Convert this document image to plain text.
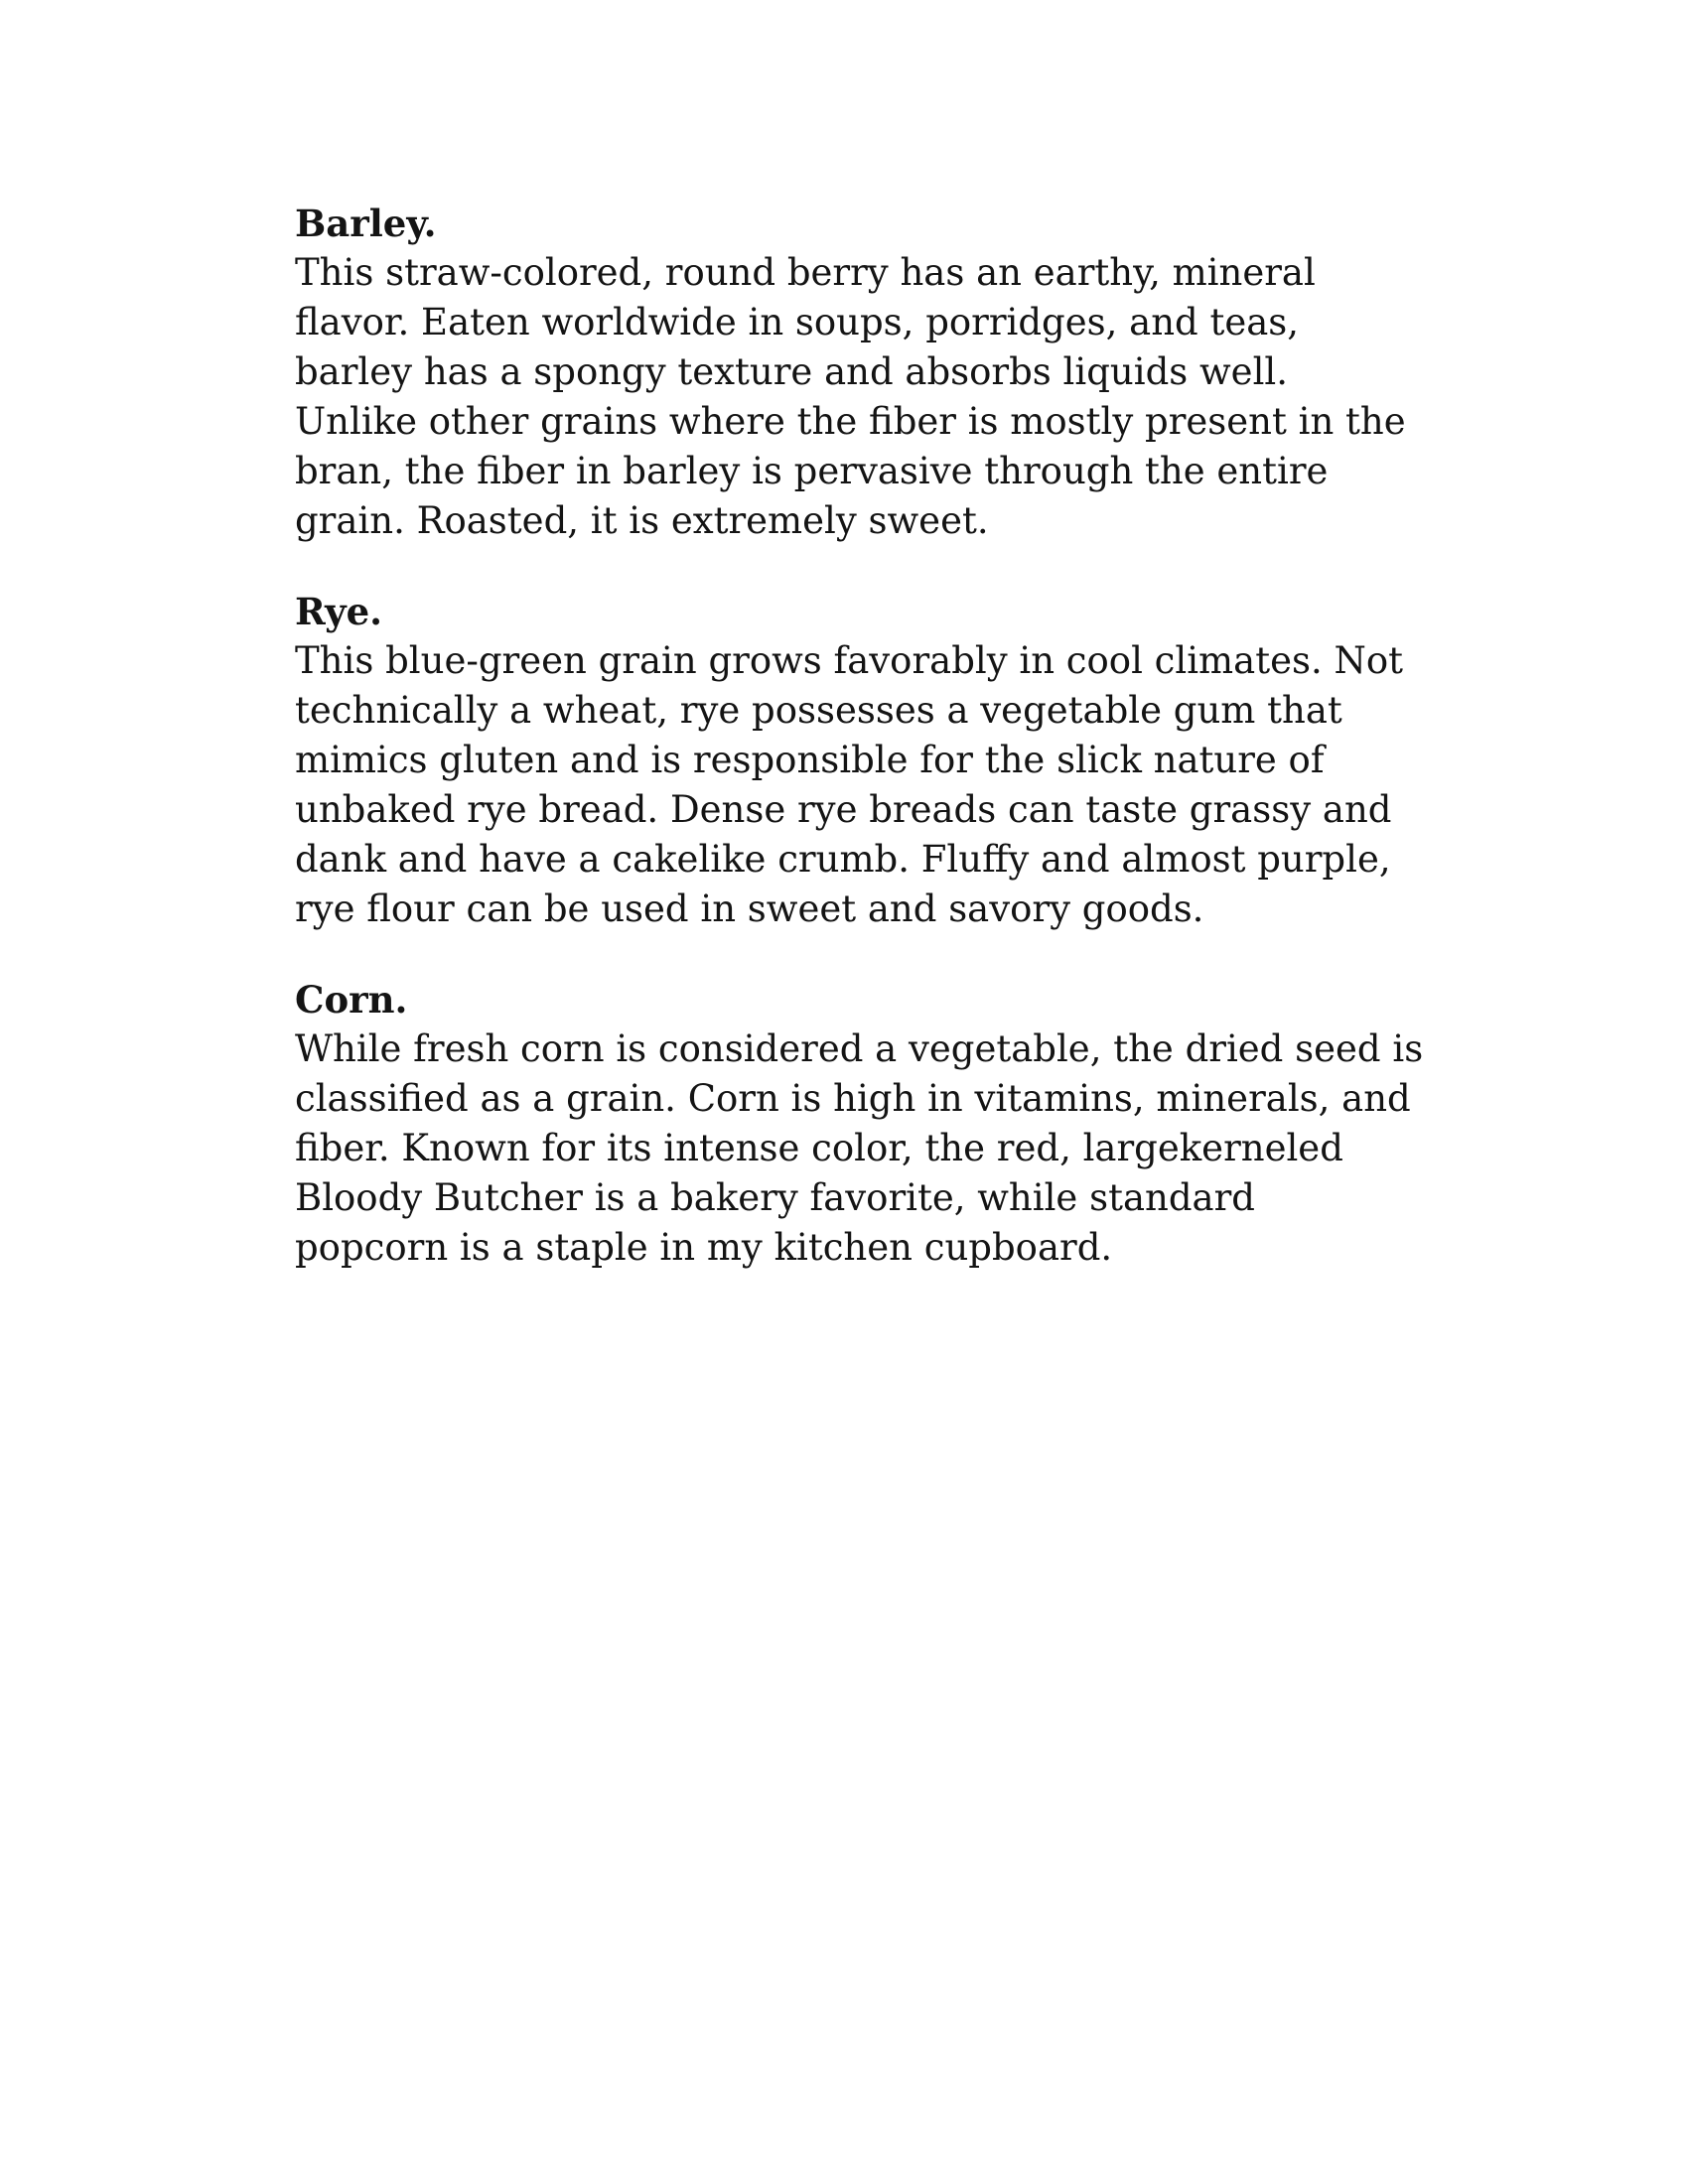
Barley.

This straw-colored, round berry has an earthy, mineral

flavor. Eaten worldwide in soups, porridges, and teas,

barley has a spongy texture and absorbs liquids well.

Unlike other grains where the fiber is mostly present in the

bran, the fiber in barley is pervasive through the entire

grain. Roasted, it is extremely sweet.

Rye.

This blue-green grain grows favorably in cool climates. Not

technically a wheat, rye possesses a vegetable gum that

mimics gluten and is responsible for the slick nature of

unbaked rye bread. Dense rye breads can taste grassy and

dank and have a cakelike crumb. Fluffy and almost purple,

rye flour can be used in sweet and savory goods.

Corn.

While fresh corn is considered a vegetable, the dried seed is

classified as a grain. Corn is high in vitamins, minerals, and

fiber. Known for its intense color, the red, largekerneled

Bloody Butcher is a bakery favorite, while standard

popcorn is a staple in my kitchen cupboard.
